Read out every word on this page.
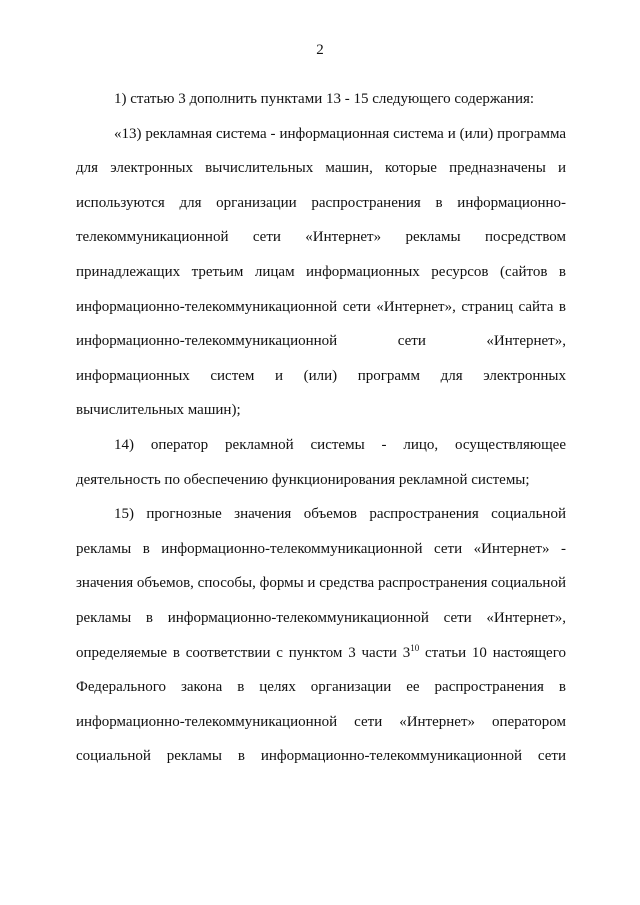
2

1) статью 3 дополнить пунктами 13 - 15 следующего содержания:

«13) рекламная система - информационная система и (или) программа для электронных вычислительных машин, которые предназначены и используются для организации распространения в информационно-телекоммуникационной сети «Интернет» рекламы посредством принадлежащих третьим лицам информационных ресурсов (сайтов в информационно-телекоммуникационной сети «Интернет», страниц сайта в информационно-телекоммуникационной сети «Интернет», информационных систем и (или) программ для электронных вычислительных машин);

14) оператор рекламной системы - лицо, осуществляющее деятельность по обеспечению функционирования рекламной системы;

15) прогнозные значения объемов распространения социальной рекламы в информационно-телекоммуникационной сети «Интернет» - значения объемов, способы, формы и средства распространения социальной рекламы в информационно-телекоммуникационной сети «Интернет», определяемые в соответствии с пунктом 3 части $3^{10}$ статьи 10 настоящего Федерального закона в целях организации ее распространения в информационно-телекоммуникационной сети «Интернет» оператором социальной рекламы в информационно-телекоммуникационной сети
